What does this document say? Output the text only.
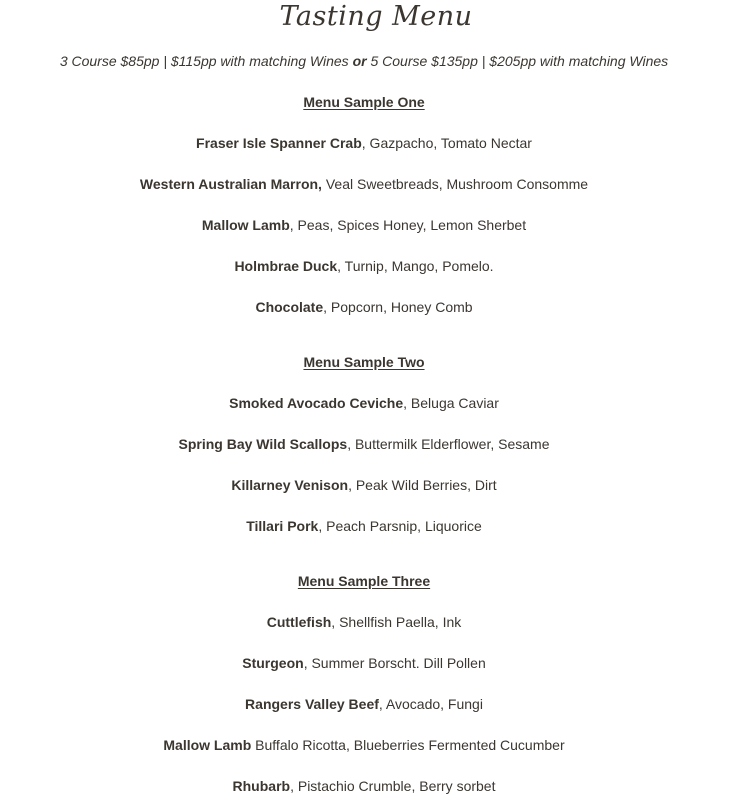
Tasting Menu
3 Course $85pp | $115pp with matching Wines or 5 Course $135pp | $205pp with matching Wines
Menu Sample One
Fraser Isle Spanner Crab, Gazpacho, Tomato Nectar
Western Australian Marron, Veal Sweetbreads, Mushroom Consomme
Mallow Lamb, Peas, Spices Honey, Lemon Sherbet
Holmbrae Duck, Turnip, Mango, Pomelo.
Chocolate, Popcorn, Honey Comb
Menu Sample Two
Smoked Avocado Ceviche, Beluga Caviar
Spring Bay Wild Scallops, Buttermilk Elderflower, Sesame
Killarney Venison, Peak Wild Berries, Dirt
Tillari Pork, Peach Parsnip, Liquorice
Menu Sample Three
Cuttlefish, Shellfish Paella, Ink
Sturgeon, Summer Borscht. Dill Pollen
Rangers Valley Beef, Avocado, Fungi
Mallow Lamb Buffalo Ricotta, Blueberries Fermented Cucumber
Rhubarb, Pistachio Crumble, Berry sorbet
